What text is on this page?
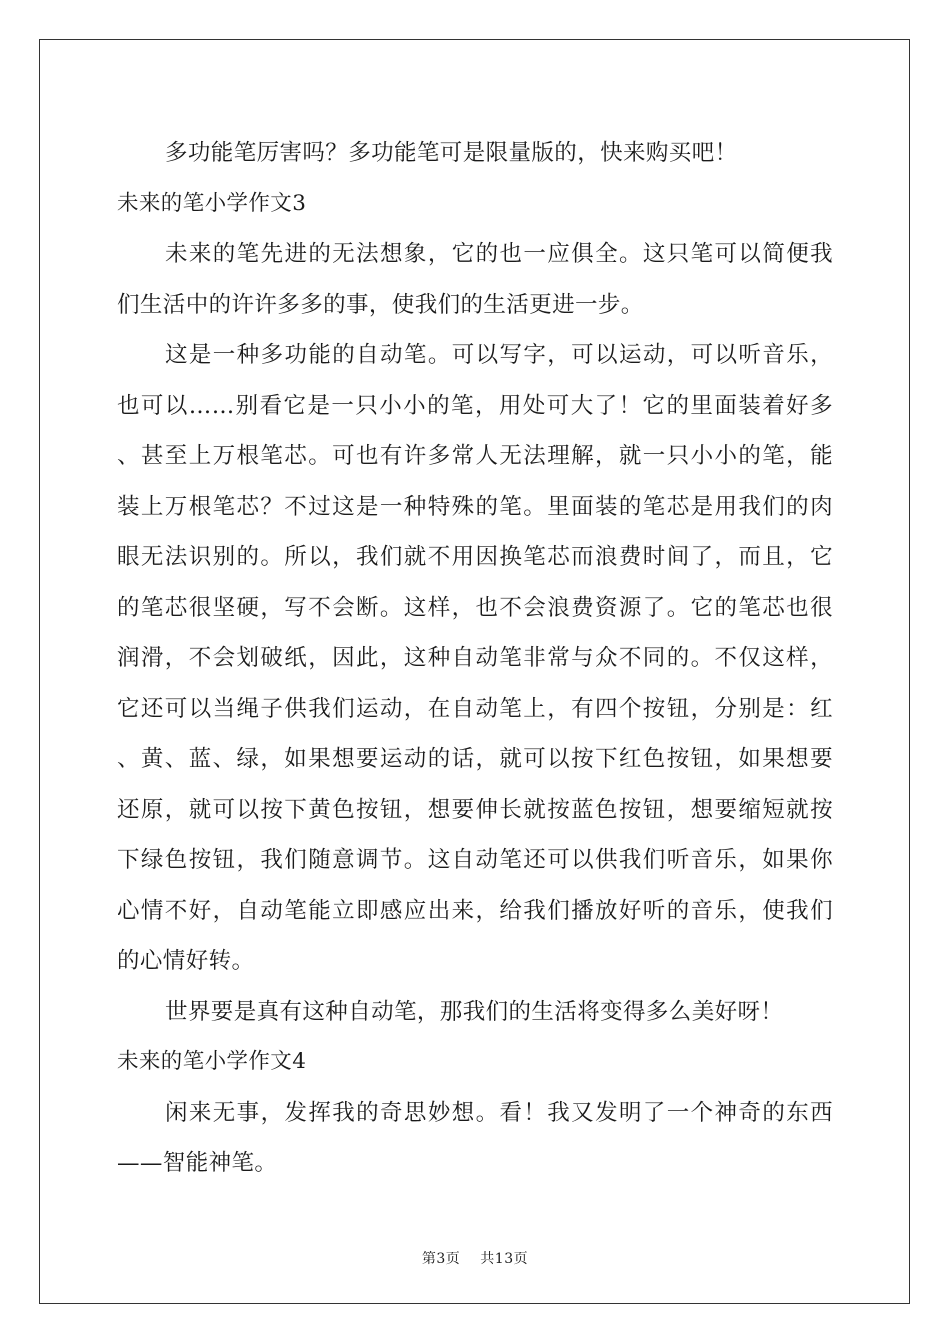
多功能笔厉害吗？多功能笔可是限量版的，快来购买吧！
未来的笔小学作文3
未来的笔先进的无法想象，它的也一应俱全。这只笔可以简便我
们生活中的许许多多的事，使我们的生活更进一步。
这是一种多功能的自动笔。可以写字，可以运动，可以听音乐，
也可以……别看它是一只小小的笔，用处可大了！它的里面装着好多
、甚至上万根笔芯。可也有许多常人无法理解，就一只小小的笔，能
装上万根笔芯？不过这是一种特殊的笔。里面装的笔芯是用我们的肉
眼无法识别的。所以，我们就不用因换笔芯而浪费时间了，而且，它
的笔芯很坚硬，写不会断。这样，也不会浪费资源了。它的笔芯也很
润滑，不会划破纸，因此，这种自动笔非常与众不同的。不仅这样，
它还可以当绳子供我们运动，在自动笔上，有四个按钮，分别是：红
、黄、蓝、绿，如果想要运动的话，就可以按下红色按钮，如果想要
还原，就可以按下黄色按钮，想要伸长就按蓝色按钮，想要缩短就按
下绿色按钮，我们随意调节。这自动笔还可以供我们听音乐，如果你
心情不好，自动笔能立即感应出来，给我们播放好听的音乐，使我们
的心情好转。
世界要是真有这种自动笔，那我们的生活将变得多么美好呀！
未来的笔小学作文4
闲来无事，发挥我的奇思妙想。看！我又发明了一个神奇的东西
——智能神笔。
第3页 共13页
